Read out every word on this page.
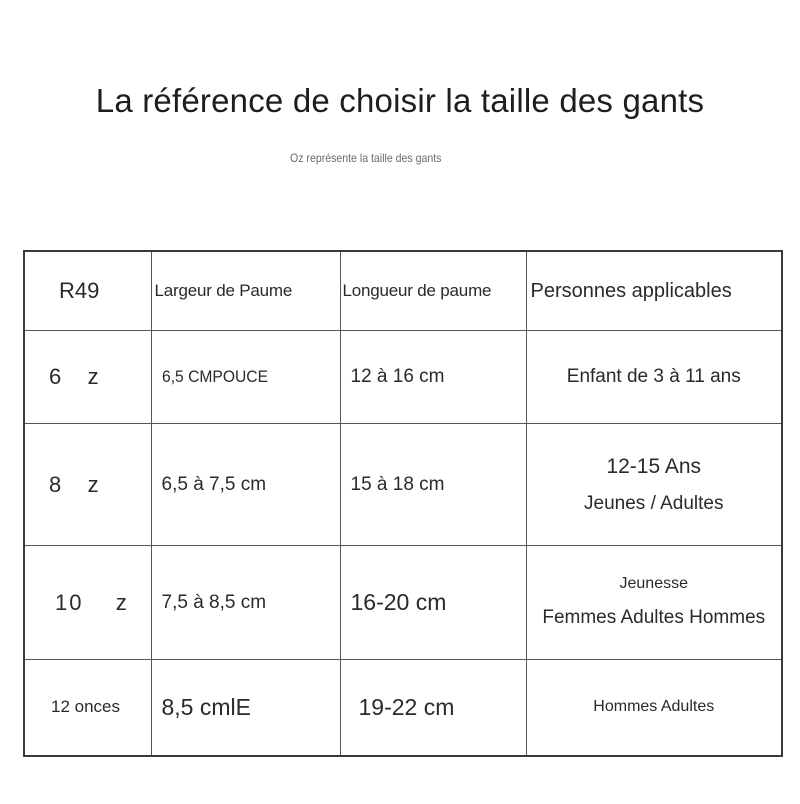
La référence de choisir la taille des gants
Oz représente la taille des gants
R49	Largeur de Paume	Longueur de paume	Personnes applicables
6   z	6,5 CMPOUCE	12 à 16 cm	Enfant de 3 à 11 ans

8   z	6,5 à 7,5 cm	15 à 18 cm	12-15 Ans
Jeunes / Adultes

10    z	7,5 à 8,5 cm	16-20 cm	Jeunesse
Femmes Adultes Hommes

12 onces	8,5 cmlE	19-22 cm	Hommes Adultes
